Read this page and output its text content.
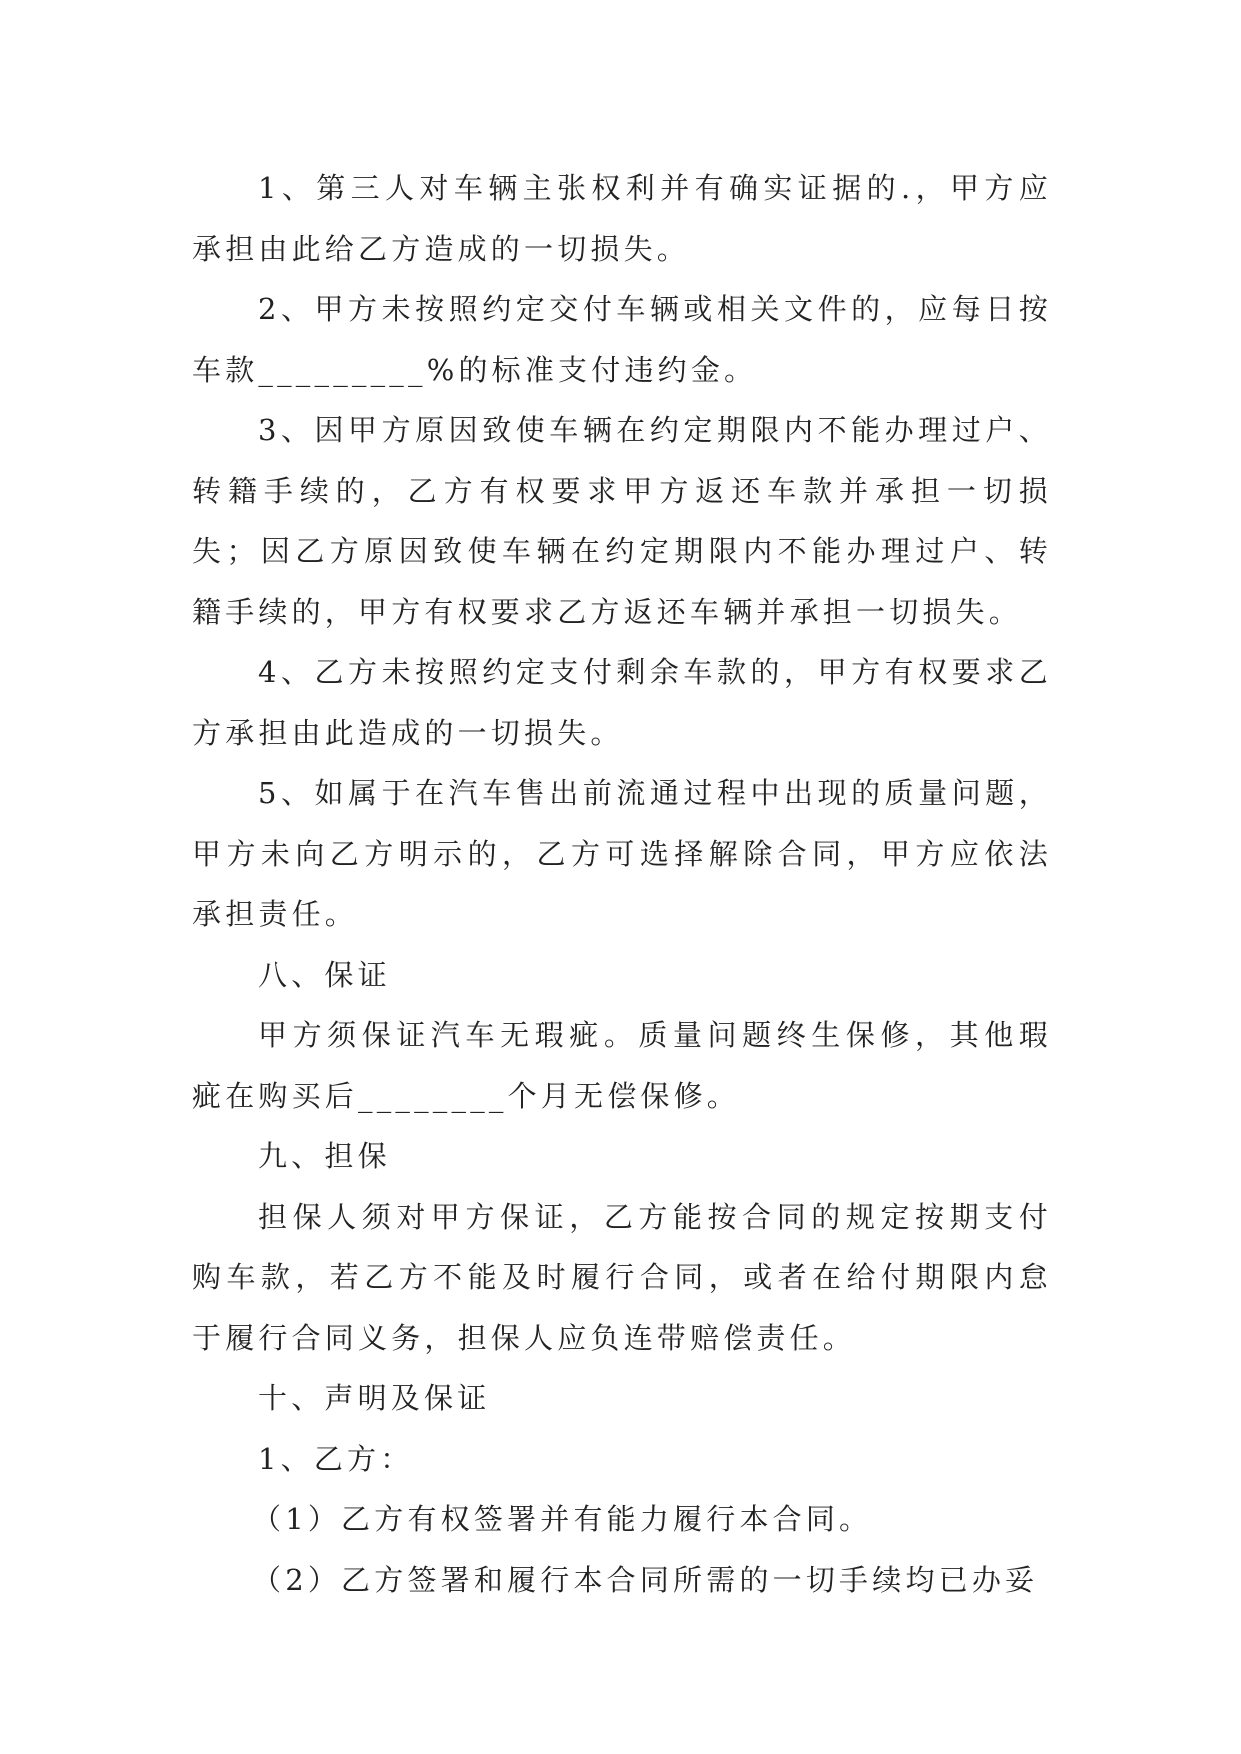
1、第三人对车辆主张权利并有确实证据的.，甲方应承担由此给乙方造成的一切损失。

2、甲方未按照约定交付车辆或相关文件的，应每日按车款_________%的标准支付违约金。

3、因甲方原因致使车辆在约定期限内不能办理过户、转籍手续的，乙方有权要求甲方返还车款并承担一切损失；因乙方原因致使车辆在约定期限内不能办理过户、转籍手续的，甲方有权要求乙方返还车辆并承担一切损失。

4、乙方未按照约定支付剩余车款的，甲方有权要求乙方承担由此造成的一切损失。

5、如属于在汽车售出前流通过程中出现的质量问题，甲方未向乙方明示的，乙方可选择解除合同，甲方应依法承担责任。

八、保证

甲方须保证汽车无瑕疵。质量问题终生保修，其他瑕疵在购买后________个月无偿保修。

九、担保

担保人须对甲方保证，乙方能按合同的规定按期支付购车款，若乙方不能及时履行合同，或者在给付期限内怠于履行合同义务，担保人应负连带赔偿责任。

十、声明及保证

1、乙方：

（1）乙方有权签署并有能力履行本合同。

（2）乙方签署和履行本合同所需的一切手续均已办妥
